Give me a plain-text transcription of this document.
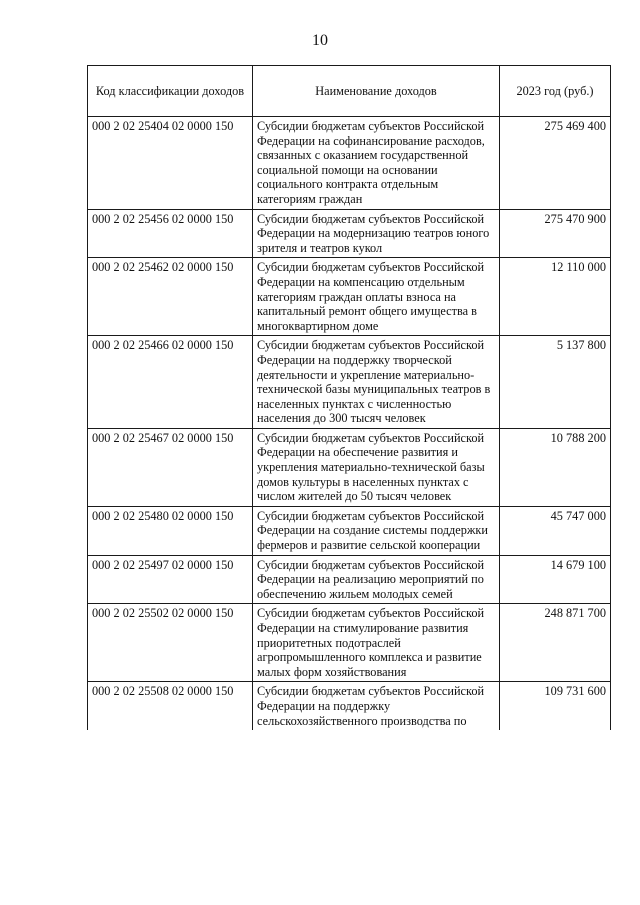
10
Код классификации доходов	Наименование доходов	2023 год (руб.)
000 2 02 25404 02 0000 150	Субсидии бюджетам субъектов Российской Федерации на софинансирование расходов, связанных с оказанием государственной социальной помощи на основании социального контракта отдельным категориям граждан	275 469 400
000 2 02 25456 02 0000 150	Субсидии бюджетам субъектов Российской Федерации на модернизацию театров юного зрителя и театров кукол	275 470 900
000 2 02 25462 02 0000 150	Субсидии бюджетам субъектов Российской Федерации на компенсацию отдельным категориям граждан оплаты взноса на капитальный ремонт общего имущества в многоквартирном доме	12 110 000
000 2 02 25466 02 0000 150	Субсидии бюджетам субъектов Российской Федерации на поддержку творческой деятельности и укрепление материально-технической базы муниципальных театров в населенных пунктах с численностью населения до 300 тысяч человек	5 137 800
000 2 02 25467 02 0000 150	Субсидии бюджетам субъектов Российской Федерации на обеспечение развития и укрепления материально-технической базы домов культуры в населенных пунктах с числом жителей до 50 тысяч человек	10 788 200
000 2 02 25480 02 0000 150	Субсидии бюджетам субъектов Российской Федерации на создание системы поддержки фермеров и развитие сельской кооперации	45 747 000
000 2 02 25497 02 0000 150	Субсидии бюджетам субъектов Российской Федерации на реализацию мероприятий по обеспечению жильем молодых семей	14 679 100
000 2 02 25502 02 0000 150	Субсидии бюджетам субъектов Российской Федерации на стимулирование развития приоритетных подотраслей агропромышленного комплекса и развитие малых форм хозяйствования	248 871 700
000 2 02 25508 02 0000 150	Субсидии бюджетам субъектов Российской Федерации на поддержку сельскохозяйственного производства по	109 731 600
